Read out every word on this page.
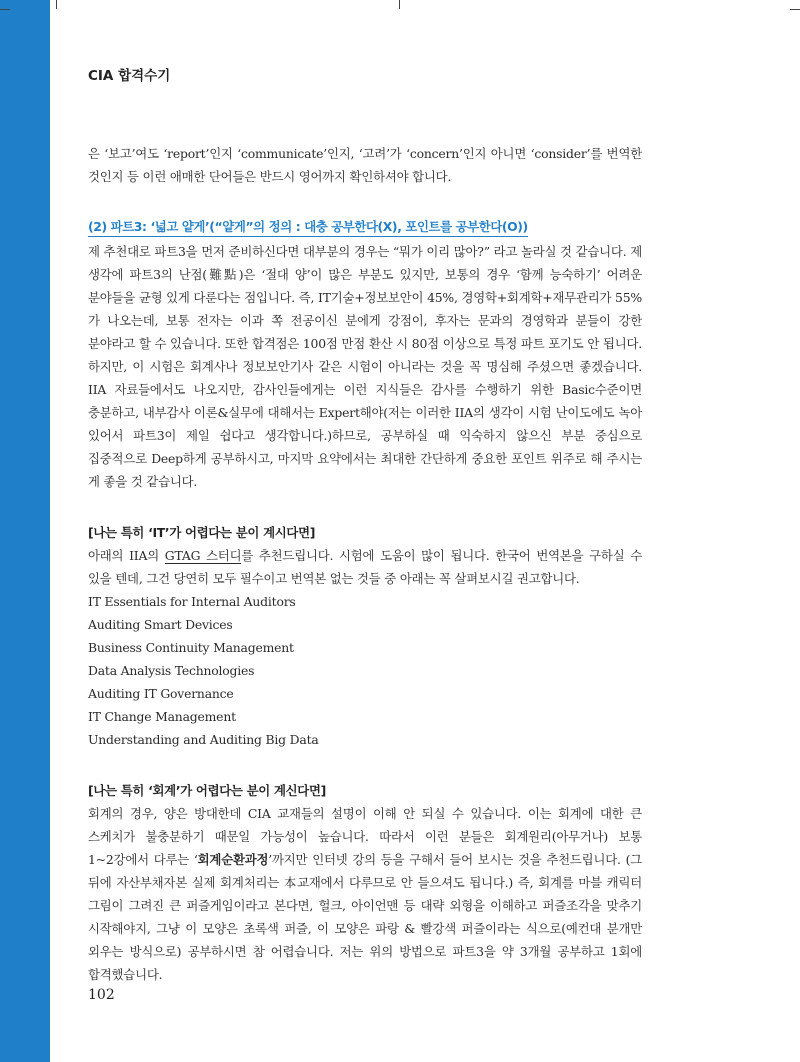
CIA 합격수기

은 ‘보고’여도 ‘report’인지 ‘communicate’인지, ‘고려’가 ‘concern’인지 아니면 ‘consider’를 번역한 것인지 등 이런 애매한 단어들은 반드시 영어까지 확인하셔야 합니다.

(2) 파트3: ‘넓고 얕게’(“얕게”의 정의 : 대충 공부한다(X), 포인트를 공부한다(O))

제 추천대로 파트3을 먼저 준비하신다면 대부분의 경우는 “뭐가 이리 많아?” 라고 놀라실 것 같습니다. 제 생각에 파트3의 난점(難點)은 ‘절대 양’이 많은 부분도 있지만, 보통의 경우 ‘함께 능숙하기’ 어려운 분야들을 균형 있게 다룬다는 점입니다. 즉, IT기술+정보보안이 45%, 경영학+회계학+재무관리가 55%가 나오는데, 보통 전자는 이과 쪽 전공이신 분에게 강점이, 후자는 문과의 경영학과 분들이 강한 분야라고 할 수 있습니다. 또한 합격점은 100점 만점 환산 시 80점 이상으로 특정 파트 포기도 안 됩니다. 하지만, 이 시험은 회계사나 정보보안기사 같은 시험이 아니라는 것을 꼭 명심해 주셨으면 좋겠습니다. IIA 자료들에서도 나오지만, 감사인들에게는 이런 지식들은 감사를 수행하기 위한 Basic수준이면 충분하고, 내부감사 이론&실무에 대해서는 Expert해야(저는 이러한 IIA의 생각이 시험 난이도에도 녹아 있어서 파트3이 제일 쉽다고 생각합니다.)하므로, 공부하실 때 익숙하지 않으신 부분 중심으로 집중적으로 Deep하게 공부하시고, 마지막 요약에서는 최대한 간단하게 중요한 포인트 위주로 해 주시는 게 좋을 것 같습니다.

[나는 특히 ‘IT’가 어렵다는 분이 계시다면]

아래의 IIA의 GTAG 스터디를 추천드립니다. 시험에 도움이 많이 됩니다. 한국어 번역본을 구하실 수 있을 텐데, 그건 당연히 모두 필수이고 번역본 없는 것들 중 아래는 꼭 살펴보시길 권고합니다.

IT Essentials for Internal Auditors
Auditing Smart Devices
Business Continuity Management
Data Analysis Technologies
Auditing IT Governance
IT Change Management
Understanding and Auditing Big Data
[나는 특히 ‘회계’가 어렵다는 분이 계신다면]

회계의 경우, 양은 방대한데 CIA 교재들의 설명이 이해 안 되실 수 있습니다. 이는 회계에 대한 큰 스케치가 불충분하기 때문일 가능성이 높습니다. 따라서 이런 분들은 회계원리(아무거나) 보통 1~2강에서 다루는 ‘회계순환과정’까지만 인터넷 강의 등을 구해서 들어 보시는 것을 추천드립니다. (그 뒤에 자산부채자본 실제 회계처리는 本교재에서 다루므로 안 들으셔도 됩니다.) 즉, 회계를 마블 캐릭터 그림이 그려진 큰 퍼즐게임이라고 본다면, 헐크, 아이언맨 등 대략 외형을 이해하고 퍼즐조각을 맞추기 시작해야지, 그냥 이 모양은 초록색 퍼즐, 이 모양은 파랑 & 빨강색 퍼즐이라는 식으로(예컨대 분개만 외우는 방식으로) 공부하시면 참 어렵습니다. 저는 위의 방법으로 파트3을 약 3개월 공부하고 1회에 합격했습니다.

102
